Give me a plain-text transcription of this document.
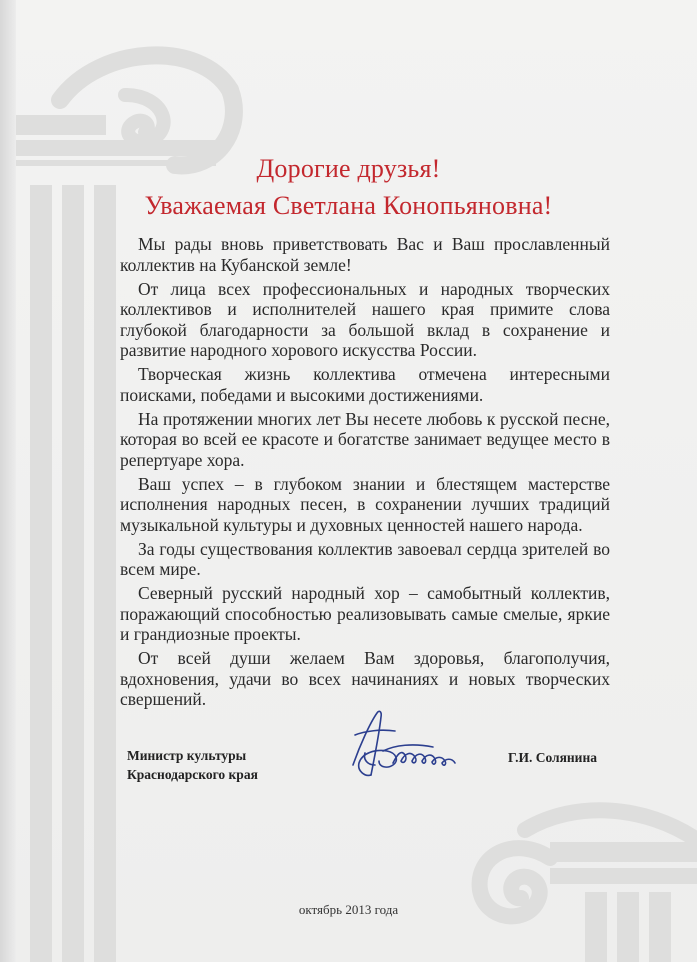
Дорогие друзья!
Уважаемая Светлана Конопьяновна!

Мы рады вновь приветствовать Вас и Ваш прославленный коллектив на Кубанской земле!

От лица всех профессиональных и народных творческих коллективов и исполнителей нашего края примите слова глубокой благодарности за большой вклад в сохранение и развитие народного хорового искусства России.

Творческая жизнь коллектива отмечена интересными поисками, победами и высокими достижениями.

На протяжении многих лет Вы несете любовь к русской песне, которая во всей ее красоте и богатстве занимает ведущее место в репертуаре хора.

Ваш успех – в глубоком знании и блестящем мастерстве исполнения народных песен, в сохранении лучших традиций музыкальной культуры и духовных ценностей нашего народа.

За годы существования коллектив завоевал сердца зрителей во всем мире.

Северный русский народный хор – самобытный коллектив, поражающий способностью реализовывать самые смелые, яркие и грандиозные проекты.

От всей души желаем Вам здоровья, благополучия, вдохновения, удачи во всех начинаниях и новых творческих свершений.

Министр культуры
Краснодарского края
Г.И. Солянина
октябрь 2013 года
